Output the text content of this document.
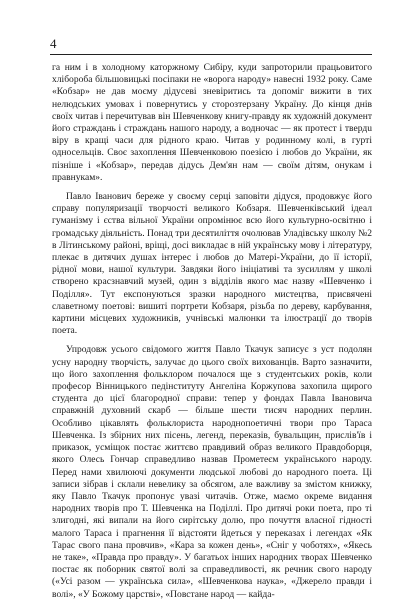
4

га ним і в холодному каторжному Сибіру, куди запроторили працьовитого хлібороба більшовицькі посіпаки не «ворога народу» навесні 1932 року. Саме «Кобзар» не дав моєму дідусеві зневіритись та допоміг вижити в тих нелюдських умовах і повернутись у сторозтерзану Україну. До кінця днів своїх читав і перечитував він Шевченкову книгу-правду як художній документ його страждань і страждань нашого народу, а водночас — як протест і твердu віру в кращі часи для рідного краю. Читав у родинному колі, в гурті односельців. Своє захоплення Шевченковою поезією і любов до України, як пізніше і «Кобзар», передав дідусь Дем'ян нам — своїм дітям, онукам і правнукам».

Павло Іванович береже у своєму серці заповіти дідуся, продовжує його справу популяризації творчості великого Кобзаря. Шевченківський ідеал гуманізму і єства вільної України опромінює всю його культурно-освітню і громадську діяльність. Понад три десятиліття очолював Уладівську школу №2 в Літинському районі, вріщі, досі викладає в ній українську мову і літературу, плекає в дитячих душах інтерес і любов до Матері-України, до її історії, рідної мови, нашої культури. Завдяки його ініціативі та зусиллям у школі створено красзнавчий музей, один з відділів якого має назву «Шевченко і Поділля». Тут експонуються зразки народного мистецтва, присвячені славетному поетові: вишиті портрети Кобзаря, різьба по дереву, карбування, картини місцевих художників, учнівські малюнки та ілюстрації до творів поета.

Упродовж усього свідомого життя Павло Ткачук записує з уст подолян усну народну творчість, залучає до цього своїх вихованців. Варто зазначити, що його захоплення фольклором почалося ще з студентських років, коли професор Вінницького педінституту Ангеліна Коржупова захопила щирого студента до цієї благородної справи: тепер у фондах Павла Івановича справжній духовний скарб — більше шести тисяч народних перлин. Особливо цікавлять фольклориста народнопоетичні твори про Тараса Шевченка. Із збірних них пісень, легенд, переказів, бувальщин, прислів'їв і приказок, усміщок постає життєво правдивий образ великого Правдоборця, якого Олесь Гончар справедливо назвав Прометеєм українського народу. Перед нами хвилюючі документи людської любові до народного поета. Ці записи зібрав і склали невеликy за обсягом, але важливу за змістом книжку, яку Павло Ткачук пропонує увазі читачів. Отже, маємо окреме видання народних творів про Т. Шевченка на Поділлі. Про дитячі роки поета, про ті злигодні, які випали на його сирітську долю, про почуття власної гідності малого Тараса і прагнення її відстояти йдеться у переказах і легендах «Як Тарас свого пана провчив», «Кара за кожен день», «Сніг у чоботях», «Якесь не таке», «Правда про правду». У багатьох інших народних творах Шевченко постає як поборник святої волі за справедливості, як речник свого народу («Усі разом — українська сила», «Шевченкова наука», «Джерело правди і волі», «У Божому царстві», «Повстане народ — кайда-
